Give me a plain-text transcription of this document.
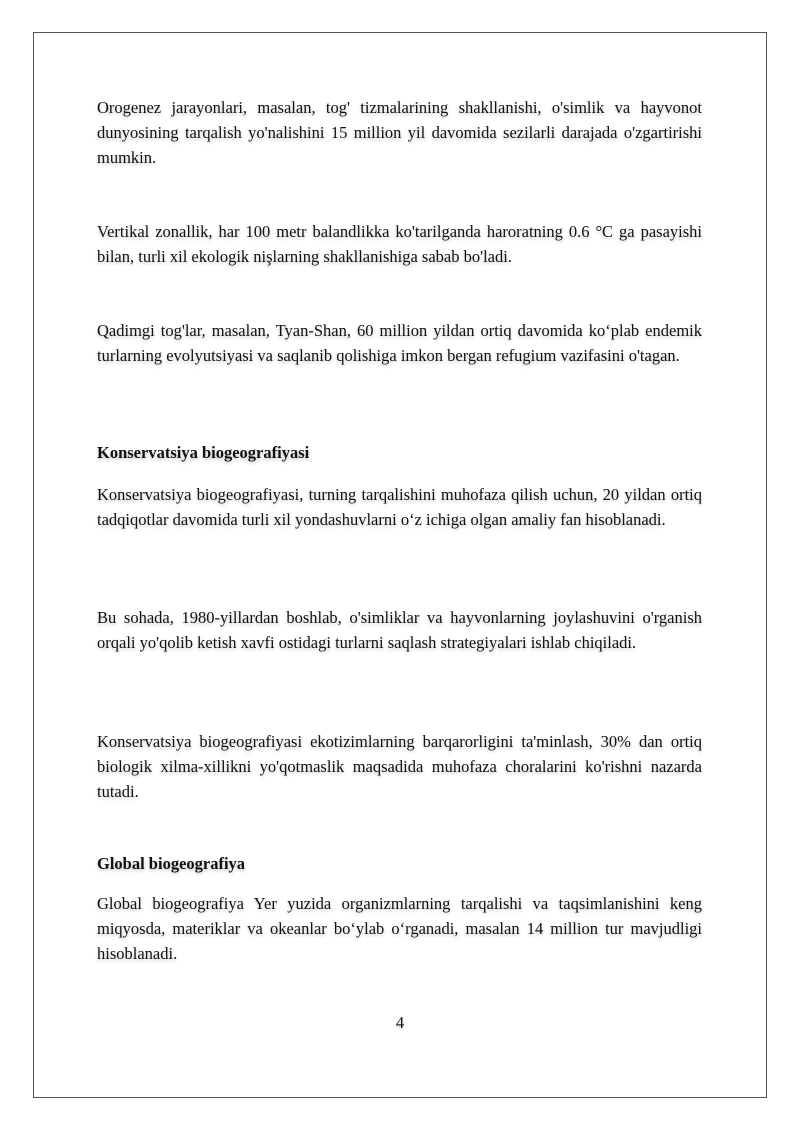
Orogenez jarayonlari, masalan, tog' tizmalarining shakllanishi, o'simlik va hayvonot dunyosining tarqalish yo'nalishini 15 million yil davomida sezilarli darajada o'zgartirishi mumkin.

Vertikal zonallik, har 100 metr balandlikka ko'tarilganda haroratning 0.6 °C ga pasayishi bilan, turli xil ekologik nişlarning shakllanishiga sabab bo'ladi.

Qadimgi tog'lar, masalan, Tyan-Shan, 60 million yildan ortiq davomida koʻplab endemik turlarning evolyutsiyasi va saqlanib qolishiga imkon bergan refugium vazifasini o'tagan.

Konservatsiya biogeografiyasi

Konservatsiya biogeografiyasi, turning tarqalishini muhofaza qilish uchun, 20 yildan ortiq tadqiqotlar davomida turli xil yondashuvlarni oʻz ichiga olgan amaliy fan hisoblanadi.

Bu sohada, 1980-yillardan boshlab, o'simliklar va hayvonlarning joylashuvini o'rganish orqali yo'qolib ketish xavfi ostidagi turlarni saqlash strategiyalari ishlab chiqiladi.

Konservatsiya biogeografiyasi ekotizimlarning barqarorligini ta'minlash, 30% dan ortiq biologik xilma-xillikni yo'qotmaslik maqsadida muhofaza choralarini ko'rishni nazarda tutadi.

Global biogeografiya

Global biogeografiya Yer yuzida organizmlarning tarqalishi va taqsimlanishini keng miqyosda, materiklar va okeanlar boʻylab oʻrganadi, masalan 14 million tur mavjudligi hisoblanadi.

4
